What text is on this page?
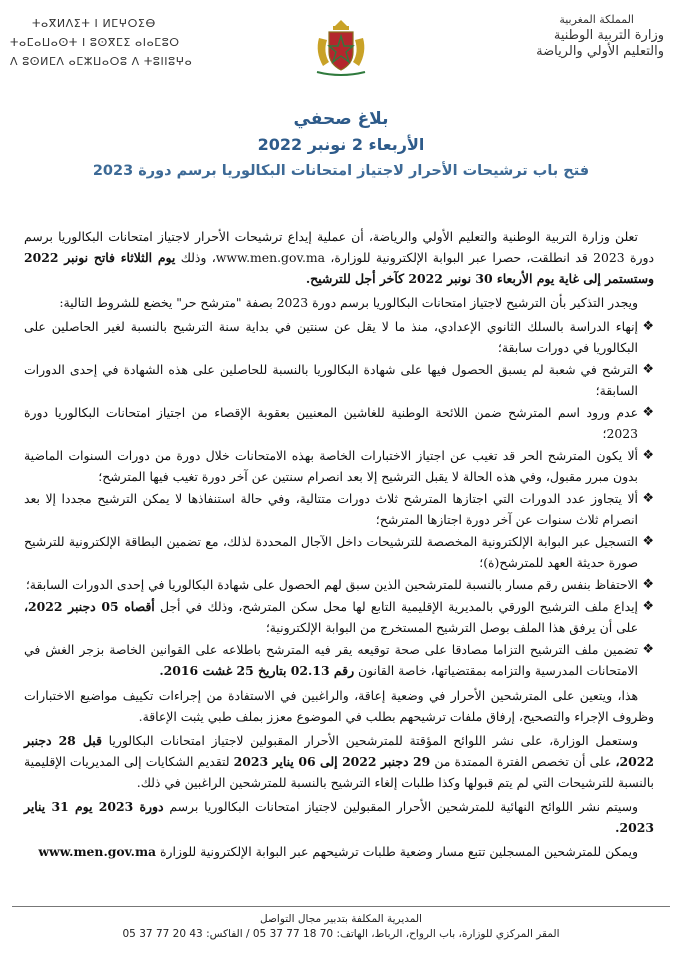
المملكة المغربية
وزارة التربية الوطنية
والتعليم الأولي والرياضة
ⵜⴰⴳⵍⴷⵉⵜ ⵏ ⵍⵎⵖⵔⵉⴱ
ⵜⴰⵎⴰⵡⴰⵙⵜ ⵏ ⵓⵙⴳⵎⵉ ⴰⵏⴰⵎⵓⵔ
ⴷ ⵓⵙⵍⵎⴷ ⴰⵎⵣⵡⴰⵔⵓ ⴷ ⵜⵓⵏⵏⵓⵖⴰ
بلاغ صحفي
الأربعاء 2 نونبر 2022
فتح باب ترشيحات الأحرار لاجتياز امتحانات البكالوريا برسم دورة 2023

تعلن وزارة التربية الوطنية والتعليم الأولي والرياضة، أن عملية إيداع ترشيحات الأحرار لاجتياز امتحانات البكالوريا برسم دورة 2023 قد انطلقت، حصرا عبر البوابة الإلكترونية للوزارة، www.men.gov.ma، وذلك يوم الثلاثاء فاتح نونبر 2022 وستستمر إلى غاية يوم الأربعاء 30 نونبر 2022 كآخر أجل للترشيح.

ويجدر التذكير بأن الترشيح لاجتياز امتحانات البكالوريا برسم دورة 2023 بصفة "مترشح حر" يخضع للشروط التالية:

❖
إنهاء الدراسة بالسلك الثانوي الإعدادي، منذ ما لا يقل عن سنتين في بداية سنة الترشيح بالنسبة لغير الحاصلين على البكالوريا في دورات سابقة؛
❖
الترشح في شعبة لم يسبق الحصول فيها على شهادة البكالوريا بالنسبة للحاصلين على هذه الشهادة في إحدى الدورات السابقة؛
❖
عدم ورود اسم المترشح ضمن اللائحة الوطنية للغاشين المعنيين بعقوبة الإقصاء من اجتياز امتحانات البكالوريا دورة 2023؛
❖
ألا يكون المترشح الحر قد تغيب عن اجتياز الاختبارات الخاصة بهذه الامتحانات خلال دورة من دورات السنوات الماضية بدون مبرر مقبول، وفي هذه الحالة لا يقبل الترشيح إلا بعد انصرام سنتين عن آخر دورة تغيب فيها المترشح؛
❖
ألا يتجاوز عدد الدورات التي اجتازها المترشح ثلاث دورات متتالية، وفي حالة استنفاذها لا يمكن الترشيح مجددا إلا بعد انصرام ثلاث سنوات عن آخر دورة اجتازها المترشح؛
❖
التسجيل عبر البوابة الإلكترونية المخصصة للترشيحات داخل الآجال المحددة لذلك، مع تضمين البطاقة الإلكترونية للترشيح صورة حديثة العهد للمترشح(ة)؛
❖
الاحتفاظ بنفس رقم مسار بالنسبة للمترشحين الذين سبق لهم الحصول على شهادة البكالوريا في إحدى الدورات السابقة؛
❖
إيداع ملف الترشيح الورقي بالمديرية الإقليمية التابع لها محل سكن المترشح، وذلك في أجل أقصاه 05 دجنبر 2022، على أن يرفق هذا الملف بوصل الترشيح المستخرج من البوابة الإلكترونية؛
❖
تضمين ملف الترشيح التزاما مصادقا على صحة توقيعه يقر فيه المترشح باطلاعه على القوانين الخاصة بزجر الغش في الامتحانات المدرسية والتزامه بمقتضياتها، خاصة القانون رقم 02.13 بتاريخ 25 غشت 2016.

هذا، ويتعين على المترشحين الأحرار في وضعية إعاقة، والراغبين في الاستفادة من إجراءات تكييف مواضيع الاختبارات وظروف الإجراء والتصحيح، إرفاق ملفات ترشيحهم بطلب في الموضوع معزز بملف طبي يثبت الإعاقة.

وستعمل الوزارة، على نشر اللوائح المؤقتة للمترشحين الأحرار المقبولين لاجتياز امتحانات البكالوريا قبل 28 دجنبر 2022، على أن تخصص الفترة الممتدة من 29 دجنبر 2022 إلى 06 يناير 2023 لتقديم الشكايات إلى المديريات الإقليمية بالنسبة للترشيحات التي لم يتم قبولها وكذا طلبات إلغاء الترشيح بالنسبة للمترشحين الراغبين في ذلك.

وسيتم نشر اللوائح النهائية للمترشحين الأحرار المقبولين لاجتياز امتحانات البكالوريا برسم دورة 2023 يوم 31 يناير 2023.

ويمكن للمترشحين المسجلين تتبع مسار وضعية طلبات ترشيحهم عبر البوابة الإلكترونية للوزارة www.men.gov.ma

المديرية المكلفة بتدبير مجال التواصل
المقر المركزي للوزارة، باب الرواح، الرباط، الهاتف: 70 18 77 37 05 / الفاكس: 43 20 77 37 05
